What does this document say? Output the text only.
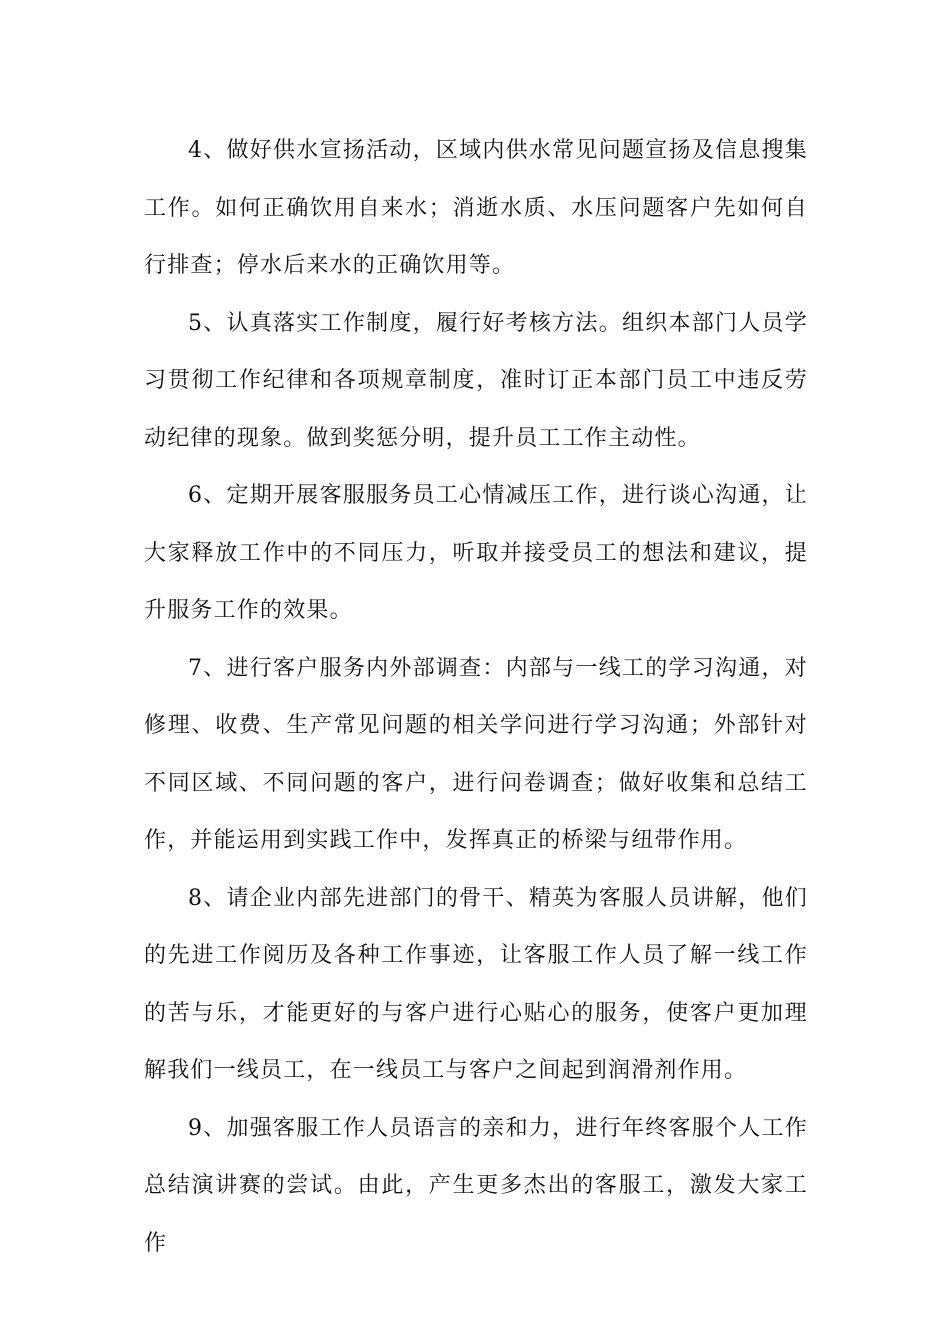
4、做好供水宣扬活动，区域内供水常见问题宣扬及信息搜集工作。如何正确饮用自来水；消逝水质、水压问题客户先如何自行排查；停水后来水的正确饮用等。

5、认真落实工作制度，履行好考核方法。组织本部门人员学习贯彻工作纪律和各项规章制度，准时订正本部门员工中违反劳动纪律的现象。做到奖惩分明，提升员工工作主动性。

6、定期开展客服服务员工心情减压工作，进行谈心沟通，让大家释放工作中的不同压力，听取并接受员工的想法和建议，提升服务工作的效果。

7、进行客户服务内外部调查：内部与一线工的学习沟通，对修理、收费、生产常见问题的相关学问进行学习沟通；外部针对不同区域、不同问题的客户，进行问卷调查；做好收集和总结工作，并能运用到实践工作中，发挥真正的桥梁与纽带作用。

8、请企业内部先进部门的骨干、精英为客服人员讲解，他们的先进工作阅历及各种工作事迹，让客服工作人员了解一线工作的苦与乐，才能更好的与客户进行心贴心的服务，使客户更加理解我们一线员工，在一线员工与客户之间起到润滑剂作用。

9、加强客服工作人员语言的亲和力，进行年终客服个人工作总结演讲赛的尝试。由此，产生更多杰出的客服工，激发大家工作
